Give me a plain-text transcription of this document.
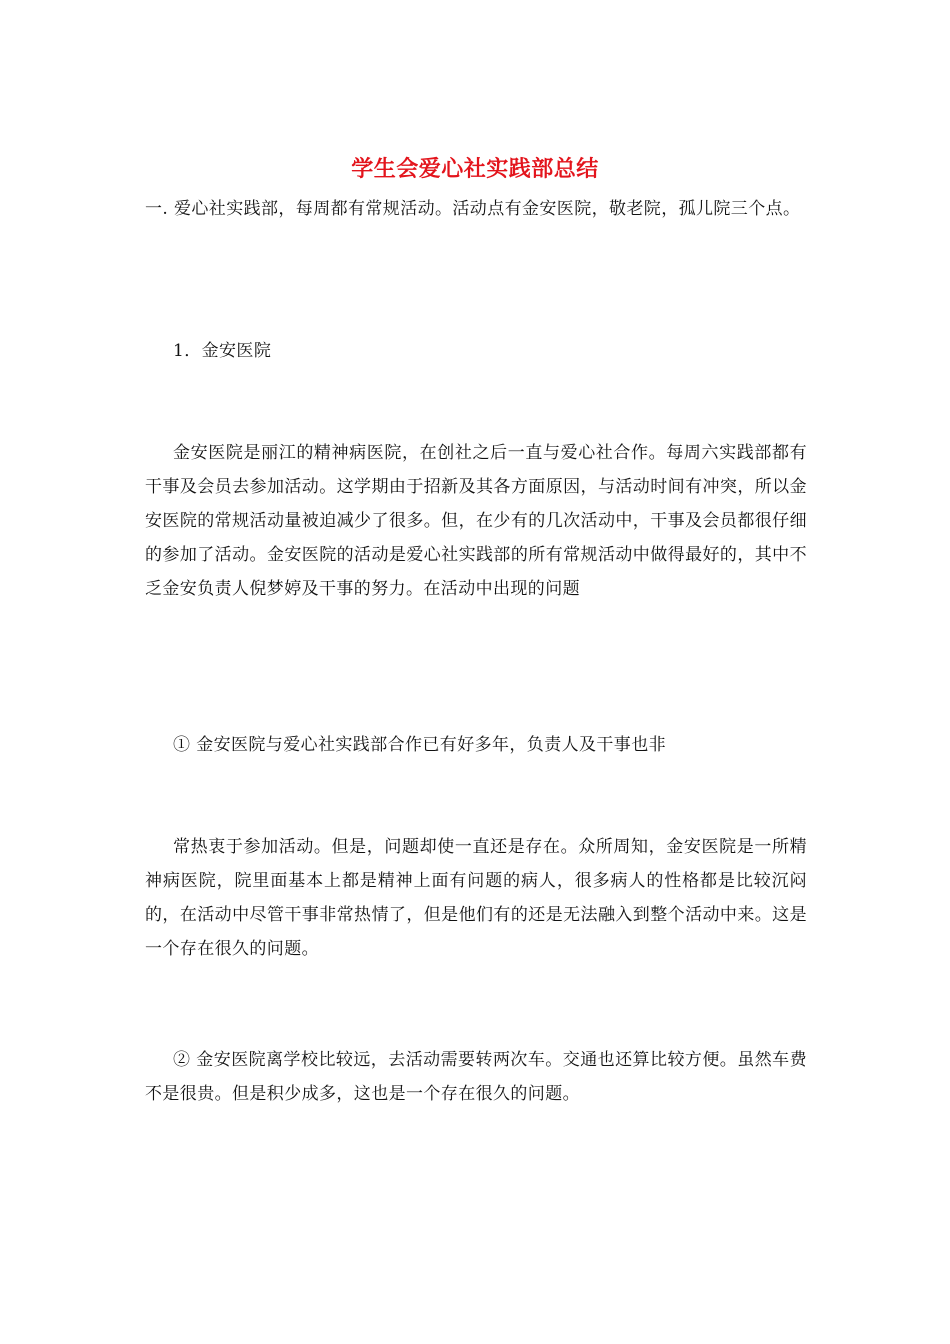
学生会爱心社实践部总结

一. 爱心社实践部，每周都有常规活动。活动点有金安医院，敬老院，孤儿院三个点。

1．金安医院

金安医院是丽江的精神病医院，在创社之后一直与爱心社合作。每周六实践部都有干事及会员去参加活动。这学期由于招新及其各方面原因，与活动时间有冲突，所以金安医院的常规活动量被迫减少了很多。但，在少有的几次活动中，干事及会员都很仔细的参加了活动。金安医院的活动是爱心社实践部的所有常规活动中做得最好的，其中不乏金安负责人倪梦婷及干事的努力。在活动中出现的问题

① 金安医院与爱心社实践部合作已有好多年，负责人及干事也非

常热衷于参加活动。但是，问题却使一直还是存在。众所周知，金安医院是一所精神病医院，院里面基本上都是精神上面有问题的病人，很多病人的性格都是比较沉闷的，在活动中尽管干事非常热情了，但是他们有的还是无法融入到整个活动中来。这是一个存在很久的问题。

② 金安医院离学校比较远，去活动需要转两次车。交通也还算比较方便。虽然车费不是很贵。但是积少成多，这也是一个存在很久的问题。
